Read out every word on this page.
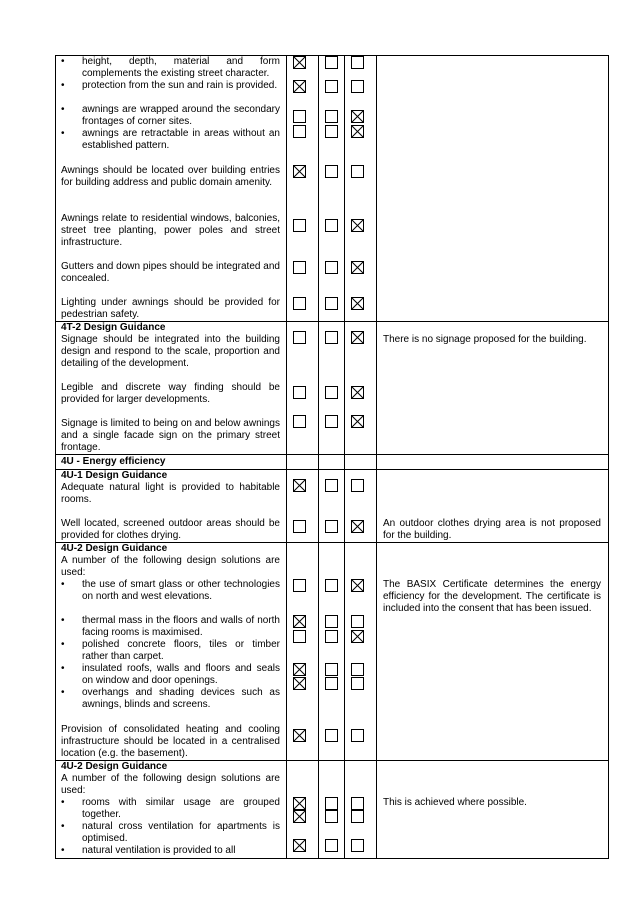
• height, depth, material and form complements the existing street character.
• protection from the sun and rain is provided.
• awnings are wrapped around the secondary frontages of corner sites.
• awnings are retractable in areas without an established pattern.
Awnings should be located over building entries for building address and public domain amenity.
Awnings relate to residential windows, balconies, street tree planting, power poles and street infrastructure.
Gutters and down pipes should be integrated and concealed.
Lighting under awnings should be provided for pedestrian safety.
4T-2 Design Guidance
Signage should be integrated into the building design and respond to the scale, proportion and detailing of the development.
Legible and discrete way finding should be provided for larger developments.
Signage is limited to being on and below awnings and a single facade sign on the primary street frontage.
There is no signage proposed for the building.
4U - Energy efficiency
4U-1 Design Guidance
Adequate natural light is provided to habitable rooms.
Well located, screened outdoor areas should be provided for clothes drying.
An outdoor clothes drying area is not proposed for the building.
4U-2 Design Guidance
A number of the following design solutions are used:
• the use of smart glass or other technologies on north and west elevations.
• thermal mass in the floors and walls of north facing rooms is maximised.
• polished concrete floors, tiles or timber rather than carpet.
• insulated roofs, walls and floors and seals on window and door openings.
• overhangs and shading devices such as awnings, blinds and screens.
Provision of consolidated heating and cooling infrastructure should be located in a centralised location (e.g. the basement).
The BASIX Certificate determines the energy efficiency for the development. The certificate is included into the consent that has been issued.
4U-2 Design Guidance
A number of the following design solutions are used:
• rooms with similar usage are grouped together.
• natural cross ventilation for apartments is optimised.
• natural ventilation is provided to all
This is achieved where possible.
